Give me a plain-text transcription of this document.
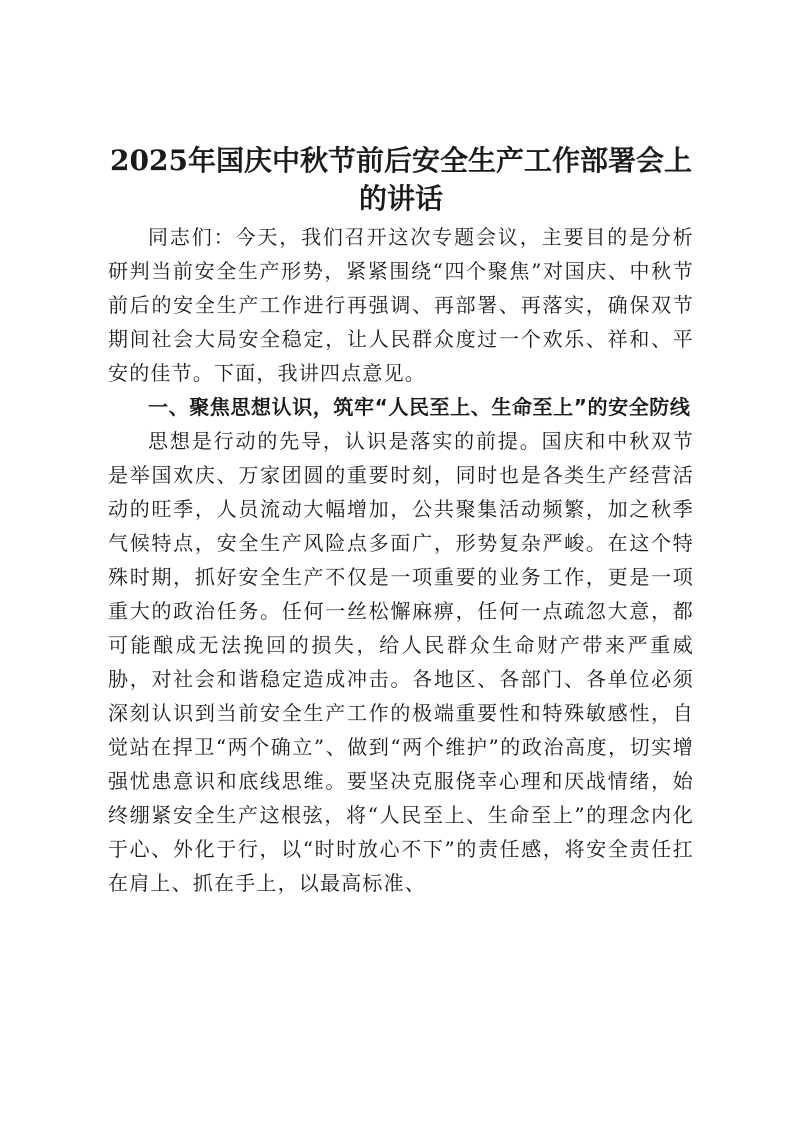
2025年国庆中秋节前后安全生产工作部署会上的讲话

同志们：今天，我们召开这次专题会议，主要目的是分析研判当前安全生产形势，紧紧围绕“四个聚焦”对国庆、中秋节前后的安全生产工作进行再强调、再部署、再落实，确保双节期间社会大局安全稳定，让人民群众度过一个欢乐、祥和、平安的佳节。下面，我讲四点意见。

一、聚焦思想认识，筑牢“人民至上、生命至上”的安全防线

思想是行动的先导，认识是落实的前提。国庆和中秋双节是举国欢庆、万家团圆的重要时刻，同时也是各类生产经营活动的旺季，人员流动大幅增加，公共聚集活动频繁，加之秋季气候特点，安全生产风险点多面广，形势复杂严峻。在这个特殊时期，抓好安全生产不仅是一项重要的业务工作，更是一项重大的政治任务。任何一丝松懈麻痹，任何一点疏忽大意，都可能酿成无法挽回的损失，给人民群众生命财产带来严重威胁，对社会和谐稳定造成冲击。各地区、各部门、各单位必须深刻认识到当前安全生产工作的极端重要性和特殊敏感性，自觉站在捍卫“两个确立”、做到“两个维护”的政治高度，切实增强忧患意识和底线思维。要坚决克服侥幸心理和厌战情绪，始终绷紧安全生产这根弦，将“人民至上、生命至上”的理念内化于心、外化于行，以“时时放心不下”的责任感，将安全责任扛在肩上、抓在手上，以最高标准、
